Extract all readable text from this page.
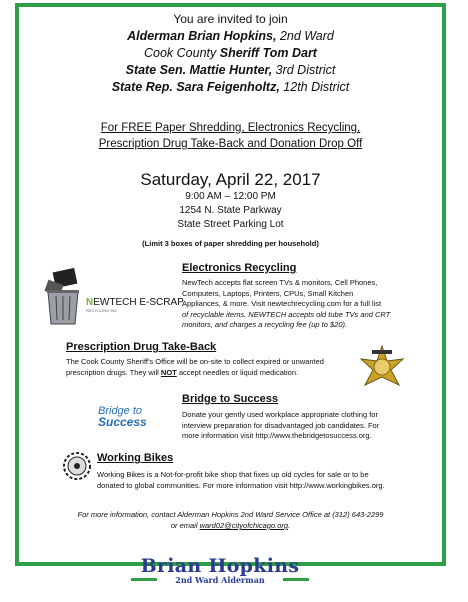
You are invited to join
Alderman Brian Hopkins, 2nd Ward
Cook County Sheriff Tom Dart
State Sen. Mattie Hunter, 3rd District
State Rep. Sara Feigenholtz, 12th District
For FREE Paper Shredding, Electronics Recycling,
Prescription Drug Take-Back and Donation Drop Off
Saturday, April 22, 2017
9:00 AM – 12:00 PM
1254 N. State Parkway
State Street Parking Lot
(Limit 3 boxes of paper shredding per household)
Electronics Recycling
NEWTECH E-SCRAP
RECYCLING INC
NewTech accepts flat screen TVs & monitors, Cell Phones,
Computers, Laptops, Printers, CPUs, Small Kitchen
Appliances, & more. Visit newtechrecycling.com for a full list
of recyclable items. NEWTECH accepts old tube TVs and CRT
monitors, and charges a recycling fee (up to $20).
Prescription Drug Take-Back
The Cook County Sheriff's Office will be on-site to collect expired or unwanted
prescription drugs. They will NOT accept needles or liquid medication.
Bridge to Success
Bridge to
Success
Donate your gently used workplace appropriate clothing for
interview preparation for disadvantaged job candidates. For
more information visit http://www.thebridgetosuccess.org.
Working Bikes
Working Bikes is a Not-for-profit bike shop that fixes up old cycles for sale or to be
donated to global communities. For more information visit http://www.workingbikes.org.
For more information, contact Alderman Hopkins 2nd Ward Service Office at (312) 643-2299
or email ward02@cityofchicago.org.
Brian Hopkins
2nd Ward Alderman
